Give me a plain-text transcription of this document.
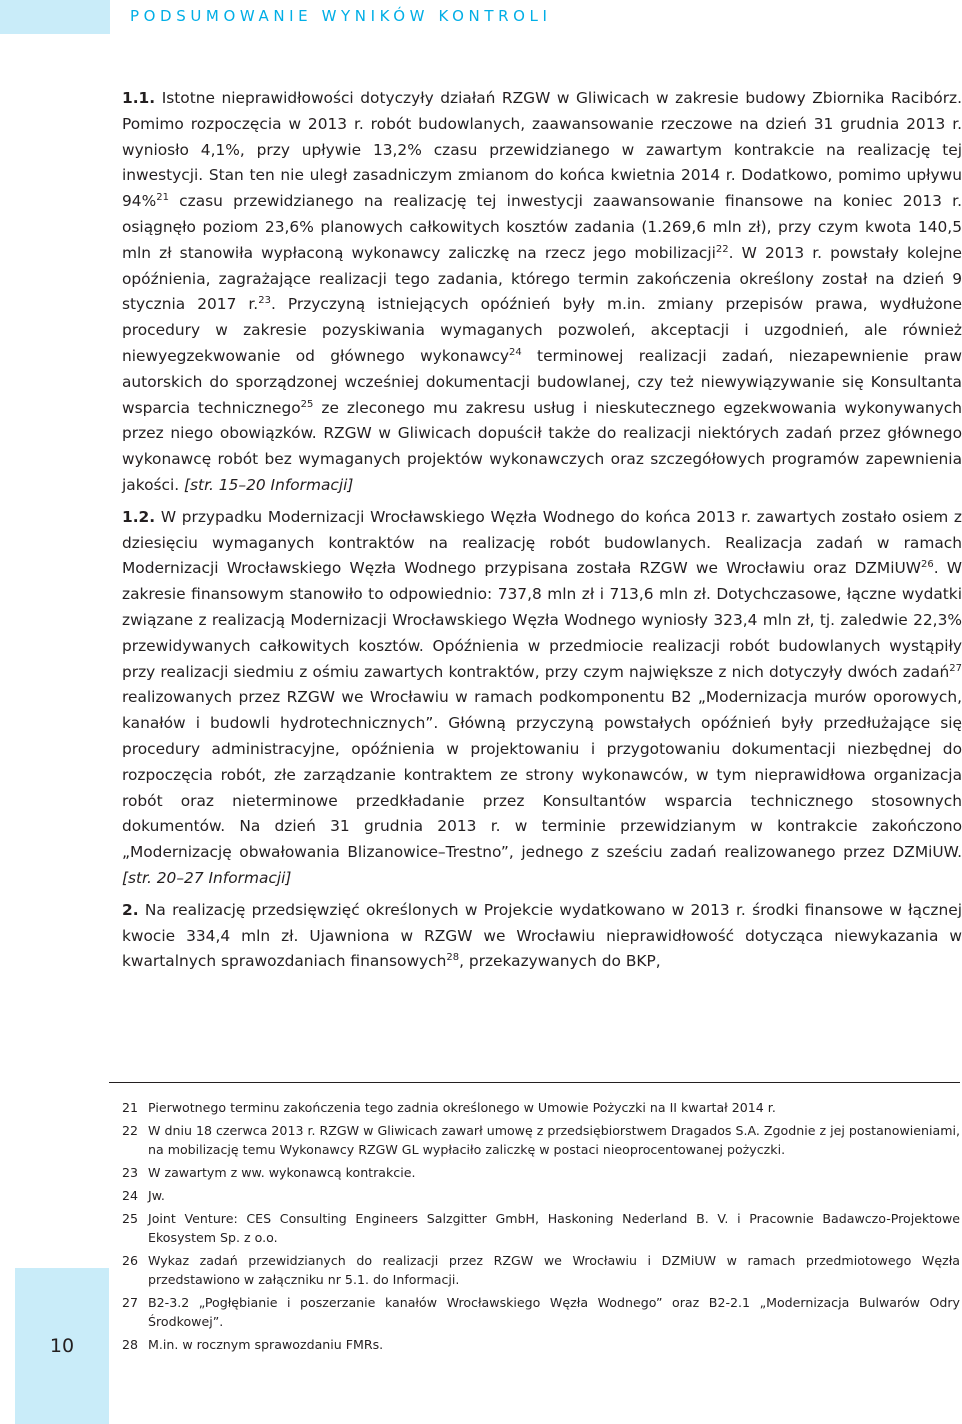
PODSUMOWANIE WYNIKÓW KONTROLI

1.1. Istotne nieprawidłowości dotyczyły działań RZGW w Gliwicach w zakresie budowy Zbiornika Racibórz. Pomimo rozpoczęcia w 2013 r. robót budowlanych, zaawansowanie rzeczowe na dzień 31 grudnia 2013 r. wyniosło 4,1%, przy upływie 13,2% czasu przewidzianego w zawartym kontrakcie na realizację tej inwestycji. Stan ten nie uległ zasadniczym zmianom do końca kwietnia 2014 r. Dodatkowo, pomimo upływu 94%$^{21}$ czasu przewidzianego na realizację tej inwestycji zaawansowanie finansowe na koniec 2013 r. osiągnęło poziom 23,6% planowych całkowitych kosztów zadania (1.269,6 mln zł), przy czym kwota 140,5 mln zł stanowiła wypłaconą wykonawcy zaliczkę na rzecz jego mobilizacji$^{22}$. W 2013 r. powstały kolejne opóźnienia, zagrażające realizacji tego zadania, którego termin zakończenia określony został na dzień 9 stycznia 2017 r.$^{23}$. Przyczyną istniejących opóźnień były m.in. zmiany przepisów prawa, wydłużone procedury w zakresie pozyskiwania wymaganych pozwoleń, akceptacji i uzgodnień, ale również niewyegzekwowanie od głównego wykonawcy$^{24}$ terminowej realizacji zadań, niezapewnienie praw autorskich do sporządzonej wcześniej dokumentacji budowlanej, czy też niewywiązywanie się Konsultanta wsparcia technicznego$^{25}$ ze zleconego mu zakresu usług i nieskutecznego egzekwowania wykonywanych przez niego obowiązków. RZGW w Gliwicach dopuścił także do realizacji niektórych zadań przez głównego wykonawcę robót bez wymaganych projektów wykonawczych oraz szczegółowych programów zapewnienia jakości. [str. 15–20 Informacji]

1.2. W przypadku Modernizacji Wrocławskiego Węzła Wodnego do końca 2013 r. zawartych zostało osiem z dziesięciu wymaganych kontraktów na realizację robót budowlanych. Realizacja zadań w ramach Modernizacji Wrocławskiego Węzła Wodnego przypisana została RZGW we Wrocławiu oraz DZMiUW$^{26}$. W zakresie finansowym stanowiło to odpowiednio: 737,8 mln zł i 713,6 mln zł. Dotychczasowe, łączne wydatki związane z realizacją Modernizacji Wrocławskiego Węzła Wodnego wyniosły 323,4 mln zł, tj. zaledwie 22,3% przewidywanych całkowitych kosztów. Opóźnienia w przedmiocie realizacji robót budowlanych wystąpiły przy realizacji siedmiu z ośmiu zawartych kontraktów, przy czym największe z nich dotyczyły dwóch zadań$^{27}$ realizowanych przez RZGW we Wrocławiu w ramach podkomponentu B2 „Modernizacja murów oporowych, kanałów i budowli hydrotechnicznych”. Główną przyczyną powstałych opóźnień były przedłużające się procedury administracyjne, opóźnienia w projektowaniu i przygotowaniu dokumentacji niezbędnej do rozpoczęcia robót, złe zarządzanie kontraktem ze strony wykonawców, w tym nieprawidłowa organizacja robót oraz nieterminowe przedkładanie przez Konsultantów wsparcia technicznego stosownych dokumentów. Na dzień 31 grudnia 2013 r. w terminie przewidzianym w kontrakcie zakończono „Modernizację obwałowania Blizanowice–Trestno”, jednego z sześciu zadań realizowanego przez DZMiUW. [str. 20–27 Informacji]

2. Na realizację przedsięwzięć określonych w Projekcie wydatkowano w 2013 r. środki finansowe w łącznej kwocie 334,4 mln zł. Ujawniona w RZGW we Wrocławiu nieprawidłowość dotycząca niewykazania w kwartalnych sprawozdaniach finansowych$^{28}$, przekazywanych do BKP,

21 Pierwotnego terminu zakończenia tego zadnia określonego w Umowie Pożyczki na II kwartał 2014 r.
22 W dniu 18 czerwca 2013 r. RZGW w Gliwicach zawarł umowę z przedsiębiorstwem Dragados S.A. Zgodnie z jej postanowieniami, na mobilizację temu Wykonawcy RZGW GL wypłaciło zaliczkę w postaci nieoprocentowanej pożyczki.
23 W zawartym z ww. wykonawcą kontrakcie.
24 Jw.
25 Joint Venture: CES Consulting Engineers Salzgitter GmbH, Haskoning Nederland B. V. i Pracownie Badawczo-Projektowe Ekosystem Sp. z o.o.
26 Wykaz zadań przewidzianych do realizacji przez RZGW we Wrocławiu i DZMiUW w ramach przedmiotowego Węzła przedstawiono w załączniku nr 5.1. do Informacji.
27 B2-3.2 „Pogłębianie i poszerzanie kanałów Wrocławskiego Węzła Wodnego” oraz B2-2.1 „Modernizacja Bulwarów Odry Środkowej”.
28 M.in. w rocznym sprawozdaniu FMRs.
10
